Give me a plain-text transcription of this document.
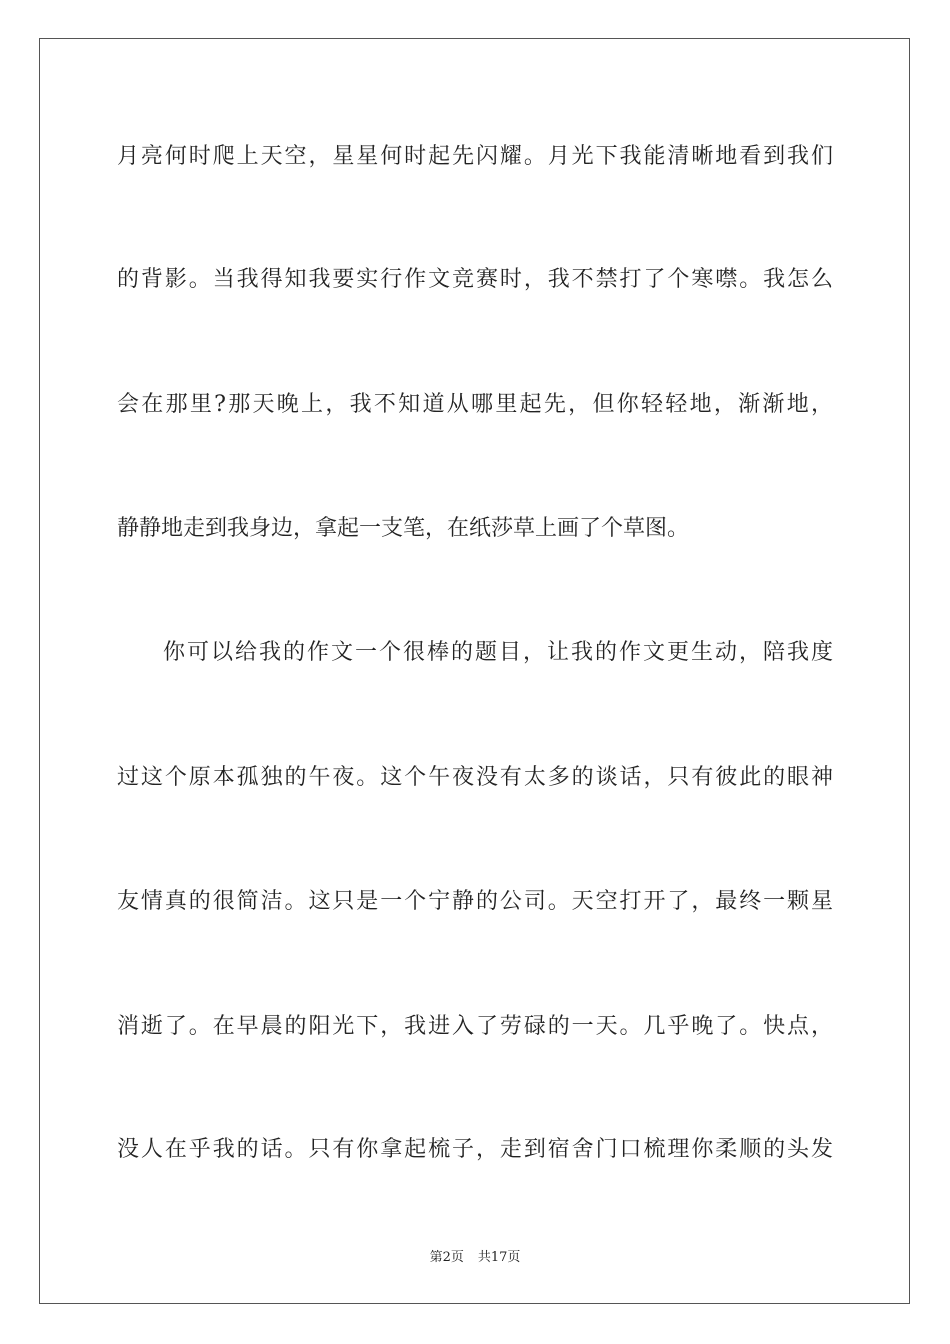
月亮何时爬上天空，星星何时起先闪耀。月光下我能清晰地看到我们
的背影。当我得知我要实行作文竞赛时，我不禁打了个寒噤。我怎么
会在那里?那天晚上，我不知道从哪里起先，但你轻轻地，渐渐地，
静静地走到我身边，拿起一支笔，在纸莎草上画了个草图。
你可以给我的作文一个很棒的题目，让我的作文更生动，陪我度
过这个原本孤独的午夜。这个午夜没有太多的谈话，只有彼此的眼神
友情真的很简洁。这只是一个宁静的公司。天空打开了，最终一颗星
消逝了。在早晨的阳光下，我进入了劳碌的一天。几乎晚了。快点，
没人在乎我的话。只有你拿起梳子，走到宿舍门口梳理你柔顺的头发
第2页 共17页
